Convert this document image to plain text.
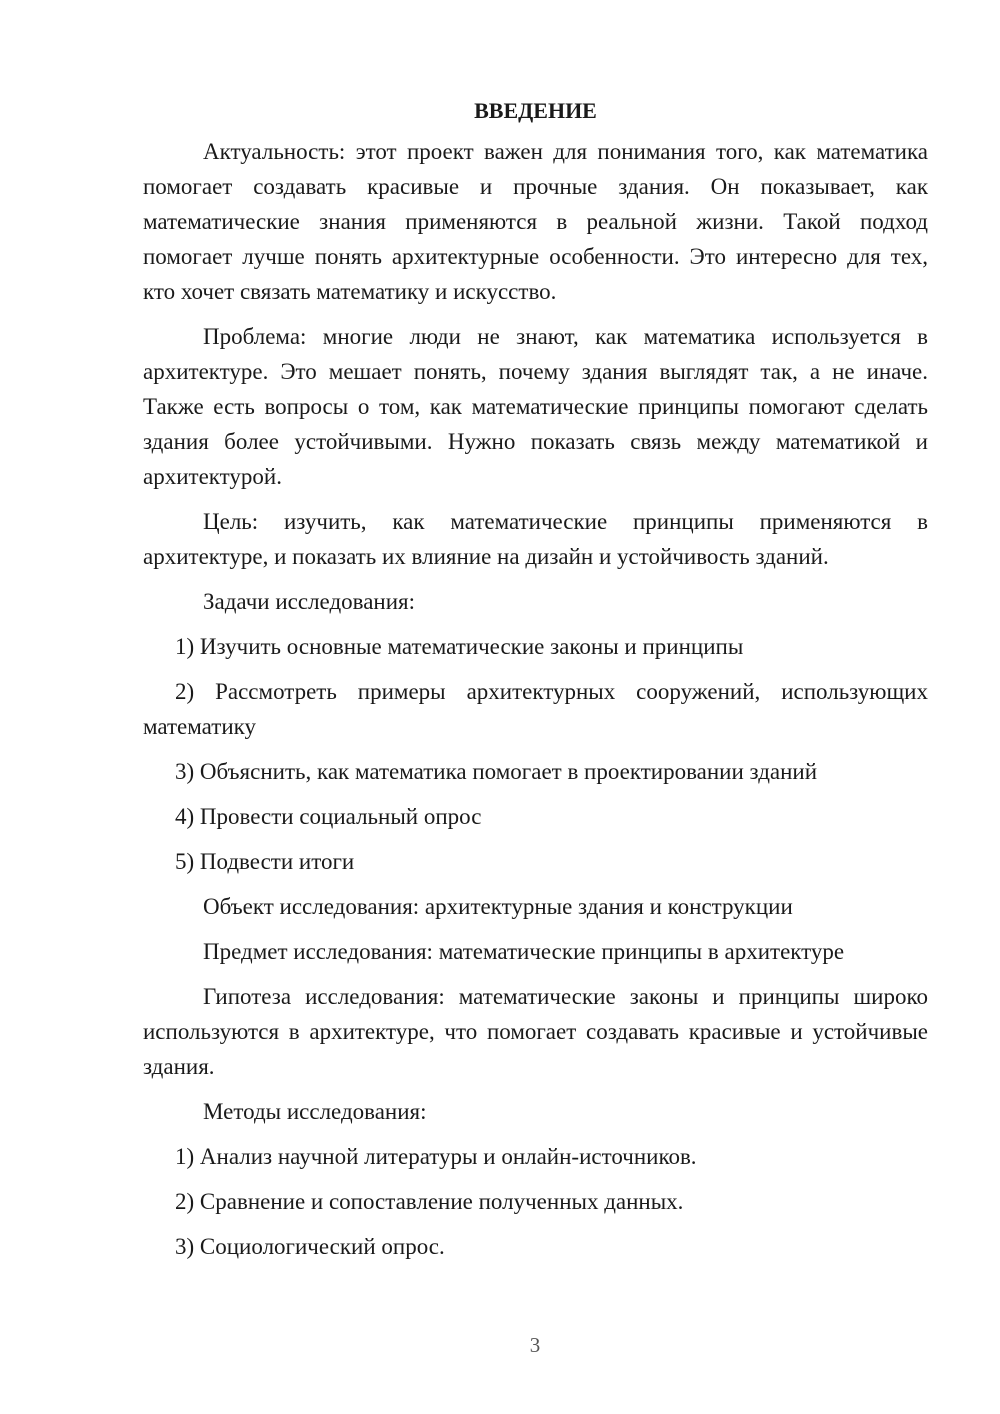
ВВЕДЕНИЕ

Актуальность: этот проект важен для понимания того, как математика помогает создавать красивые и прочные здания. Он показывает, как математические знания применяются в реальной жизни. Такой подход помогает лучше понять архитектурные особенности. Это интересно для тех, кто хочет связать математику и искусство.

Проблема: многие люди не знают, как математика используется в архитектуре. Это мешает понять, почему здания выглядят так, а не иначе. Также есть вопросы о том, как математические принципы помогают сделать здания более устойчивыми. Нужно показать связь между математикой и архитектурой.

Цель: изучить, как математические принципы применяются в архитектуре, и показать их влияние на дизайн и устойчивость зданий.

Задачи исследования:

1) Изучить основные математические законы и принципы

2) Рассмотреть примеры архитектурных сооружений, использующих математику

3) Объяснить, как математика помогает в проектировании зданий

4) Провести социальный опрос

5) Подвести итоги

Объект исследования: архитектурные здания и конструкции

Предмет исследования: математические принципы в архитектуре

Гипотеза исследования: математические законы и принципы широко используются в архитектуре, что помогает создавать красивые и устойчивые здания.

Методы исследования:

1) Анализ научной литературы и онлайн-источников.

2) Сравнение и сопоставление полученных данных.

3) Социологический опрос.

3
